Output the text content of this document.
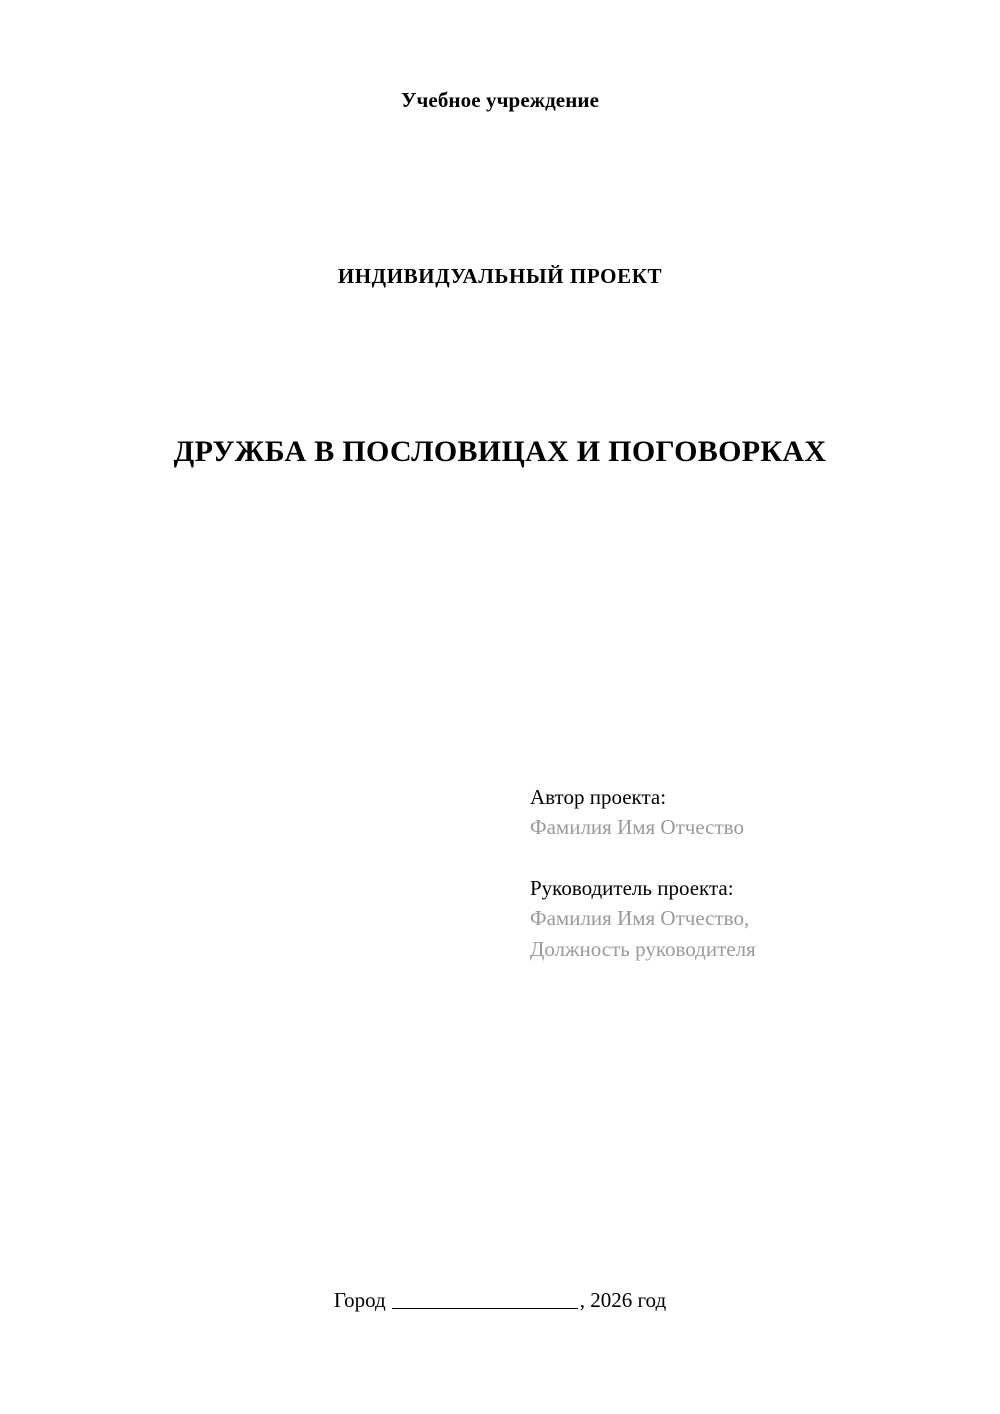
Учебное учреждение
ИНДИВИДУАЛЬНЫЙ ПРОЕКТ
ДРУЖБА В ПОСЛОВИЦАХ И ПОГОВОРКАХ
Автор проекта:
Фамилия Имя Отчество
Руководитель проекта:
Фамилия Имя Отчество,
Должность руководителя
Город	, 2026 год
